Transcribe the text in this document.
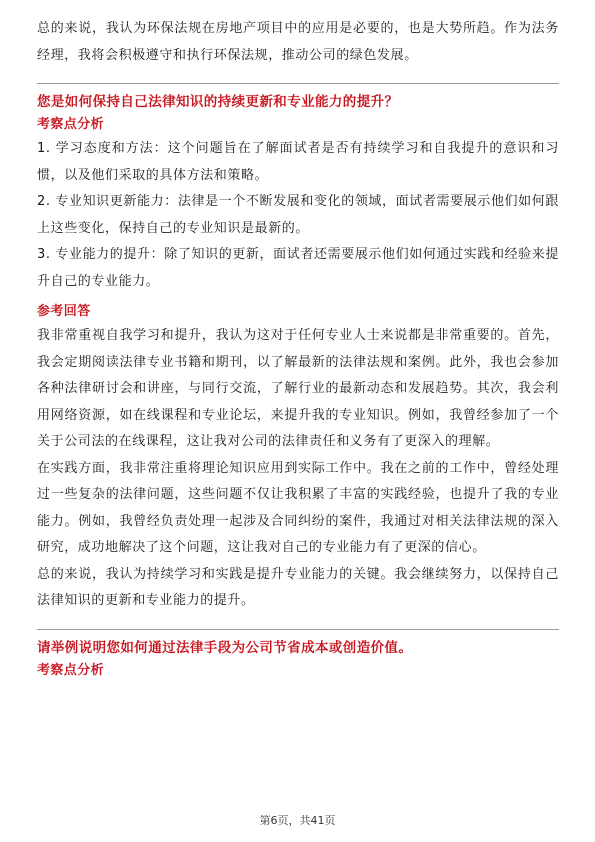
总的来说，我认为环保法规在房地产项目中的应用是必要的，也是大势所趋。作为法务经理，我将会积极遵守和执行环保法规，推动公司的绿色发展。

您是如何保持自己法律知识的持续更新和专业能力的提升？
考察点分析

1. 学习态度和方法：这个问题旨在了解面试者是否有持续学习和自我提升的意识和习惯，以及他们采取的具体方法和策略。

2. 专业知识更新能力：法律是一个不断发展和变化的领域，面试者需要展示他们如何跟上这些变化，保持自己的专业知识是最新的。

3. 专业能力的提升：除了知识的更新，面试者还需要展示他们如何通过实践和经验来提升自己的专业能力。

参考回答

我非常重视自我学习和提升，我认为这对于任何专业人士来说都是非常重要的。首先，我会定期阅读法律专业书籍和期刊，以了解最新的法律法规和案例。此外，我也会参加各种法律研讨会和讲座，与同行交流，了解行业的最新动态和发展趋势。其次，我会利用网络资源，如在线课程和专业论坛，来提升我的专业知识。例如，我曾经参加了一个关于公司法的在线课程，这让我对公司的法律责任和义务有了更深入的理解。

在实践方面，我非常注重将理论知识应用到实际工作中。我在之前的工作中，曾经处理过一些复杂的法律问题，这些问题不仅让我积累了丰富的实践经验，也提升了我的专业能力。例如，我曾经负责处理一起涉及合同纠纷的案件，我通过对相关法律法规的深入研究，成功地解决了这个问题，这让我对自己的专业能力有了更深的信心。

总的来说，我认为持续学习和实践是提升专业能力的关键。我会继续努力，以保持自己法律知识的更新和专业能力的提升。

请举例说明您如何通过法律手段为公司节省成本或创造价值。
考察点分析
第6页，共41页
